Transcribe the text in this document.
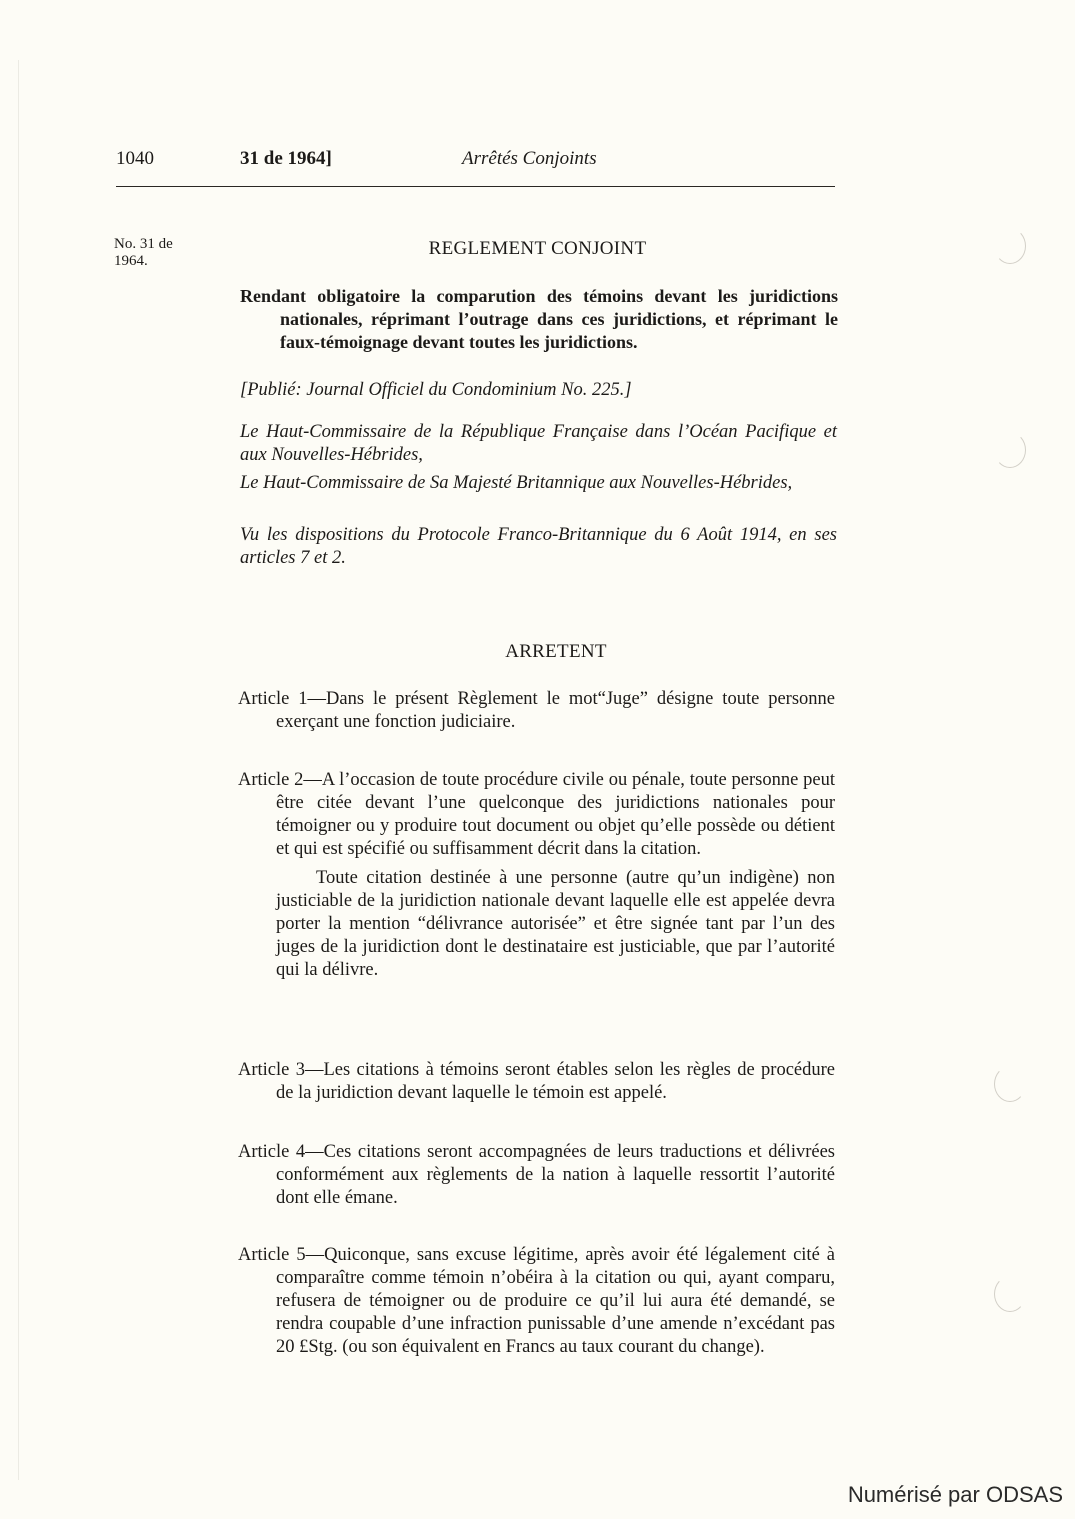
1040	31 de 1964]	Arrêtés Conjoints
No. 31 de
1964.
REGLEMENT CONJOINT
Rendant obligatoire la comparution des témoins devant les juridictions nationales, réprimant l’outrage dans ces juridictions, et réprimant le faux-témoignage devant toutes les juridictions.
[Publié: Journal Officiel du Condominium No. 225.]
Le Haut-Commissaire de la République Française dans l’Océan Pacifique et aux Nouvelles-Hébrides,
Le Haut-Commissaire de Sa Majesté Britannique aux Nouvelles-Hébrides,
Vu les dispositions du Protocole Franco-Britannique du 6 Août 1914, en ses articles 7 et 2.
ARRETENT

Article 1—Dans le présent Règlement le mot“Juge” désigne toute personne exerçant une fonction judiciaire.

Article 2—A l’occasion de toute procédure civile ou pénale, toute personne peut être citée devant l’une quelconque des juridictions nationales pour témoigner ou y produire tout document ou objet qu’elle possède ou détient et qui est spécifié ou suffisamment décrit dans la citation.

Toute citation destinée à une personne (autre qu’un indigène) non justiciable de la juridiction nationale devant laquelle elle est appelée devra porter la mention “délivrance autorisée” et être signée tant par l’un des juges de la juridiction dont le destinataire est justiciable, que par l’autorité qui la délivre.

Article 3—Les citations à témoins seront étables selon les règles de procédure de la juridiction devant laquelle le témoin est appelé.

Article 4—Ces citations seront accompagnées de leurs traductions et délivrées conformément aux règlements de la nation à laquelle ressortit l’autorité dont elle émane.

Article 5—Quiconque, sans excuse légitime, après avoir été légalement cité à comparaître comme témoin n’obéira à la citation ou qui, ayant comparu, refusera de témoigner ou de produire ce qu’il lui aura été demandé, se rendra coupable d’une infraction punissable d’une amende n’excédant pas 20 £Stg. (ou son équivalent en Francs au taux courant du change).

Numérisé par ODSAS
